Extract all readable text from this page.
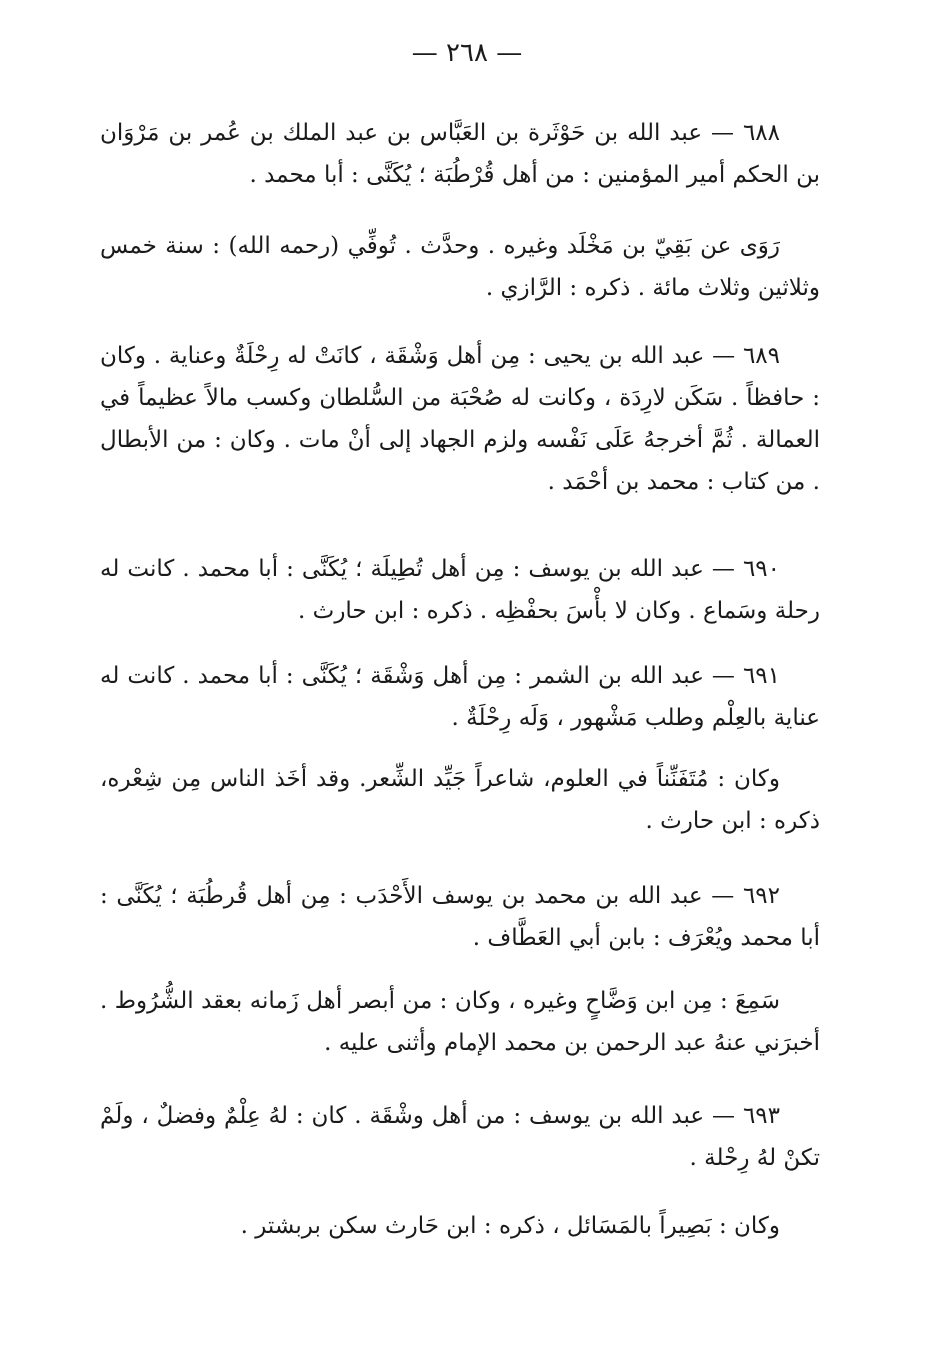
— ٢٦٨ —
٦٨٨ — عبد الله بن حَوْثَرة بن العَبَّاس بن عبد الملك بن عُمر بن مَرْوَان بن الحكم أمير المؤمنين : من أهل قُرْطُبَة ؛ يُكَنَّى : أبا محمد .
رَوَى عن بَقِيّ بن مَخْلَد وغيره . وحدَّث . تُوفِّي (رحمه الله) : سنة خمس وثلاثين وثلاث مائة . ذكره : الرَّازي .
٦٨٩ — عبد الله بن يحيى : مِن أهل وَشْقَة ، كانَتْ له رِحْلَةٌ وعناية . وكان : حافظاً . سَكَن لارِدَة ، وكانت له صُحْبَة من السُّلطان وكسب مالاً عظيماً في العمالة . ثُمَّ أخرجهُ عَلَى نَفْسه ولزم الجهاد إلى أنْ مات . وكان : من الأبطال . من كتاب : محمد بن أحْمَد .
٦٩٠ — عبد الله بن يوسف : مِن أهل تُطِيلَة ؛ يُكَنَّى : أبا محمد . كانت له رحلة وسَماع . وكان لا بأْسَ بحفْظِه . ذكره : ابن حارث .
٦٩١ — عبد الله بن الشمر : مِن أهل وَشْقَة ؛ يُكَنَّى : أبا محمد . كانت له عناية بالعِلْم وطلب مَشْهور ، وَلَه رِحْلَةٌ .
وكان : مُتَفَنِّناً في العلوم، شاعراً جَيِّد الشِّعر. وقد أخَذ الناس مِن شِعْره، ذكره : ابن حارث .
٦٩٢ — عبد الله بن محمد بن يوسف الأَحْدَب : مِن أهل قُرطُبَة ؛ يُكَنَّى : أبا محمد ويُعْرَف : بابن أبي العَطَّاف .
سَمِعَ : مِن ابن وَضَّاحٍ وغيره ، وكان : من أبصر أهل زَمانه بعقد الشُّرُوط . أخبرَني عنهُ عبد الرحمن بن محمد الإمام وأثنى عليه .
٦٩٣ — عبد الله بن يوسف : من أهل وشْقَة . كان : لهُ عِلْمٌ وفضلٌ ، ولَمْ تكنْ لهُ رِحْلة .
وكان : بَصِيراً بالمَسَائل ، ذكره : ابن حَارث سكن بربشتر .
